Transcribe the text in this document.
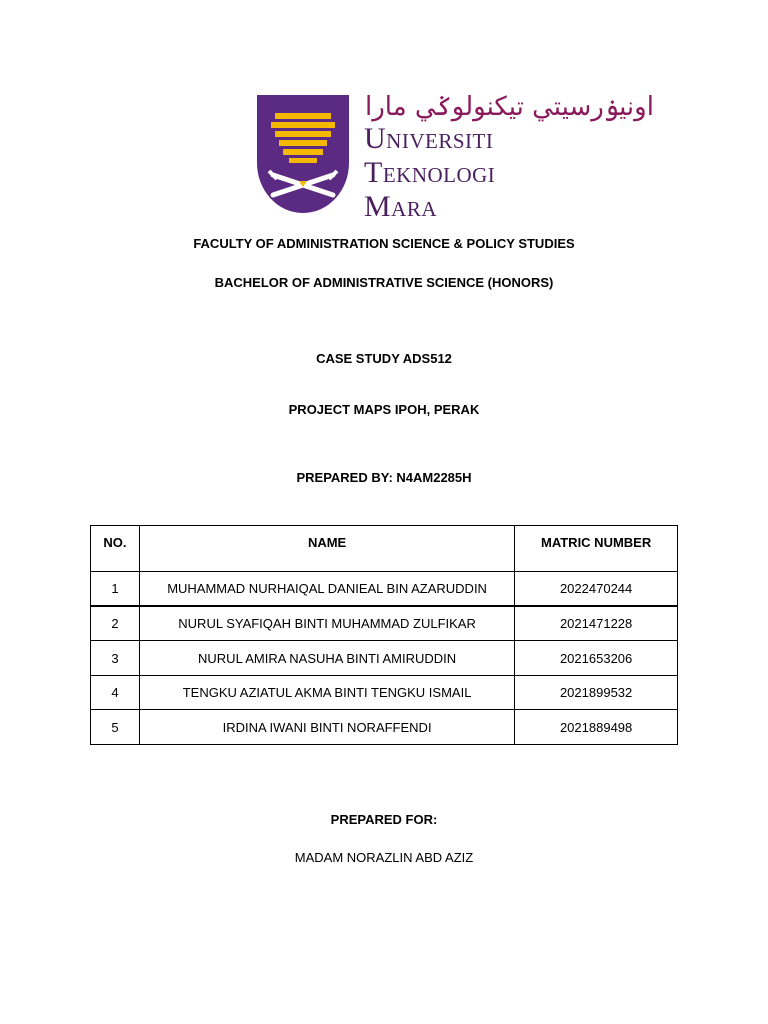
اونيۏرسيتي تيكنولوݢي مارا
Universiti
Teknologi
Mara
FACULTY OF ADMINISTRATION SCIENCE & POLICY STUDIES
BACHELOR OF ADMINISTRATIVE SCIENCE (HONORS)
CASE STUDY ADS512
PROJECT MAPS IPOH, PERAK
PREPARED BY: N4AM2285H
NO.	NAME	MATRIC NUMBER
1	MUHAMMAD NURHAIQAL DANIEAL BIN AZARUDDIN	2022470244
2	NURUL SYAFIQAH BINTI MUHAMMAD ZULFIKAR	2021471228
3	NURUL AMIRA NASUHA BINTI AMIRUDDIN	2021653206
4	TENGKU AZIATUL AKMA BINTI TENGKU ISMAIL	2021899532
5	IRDINA IWANI BINTI NORAFFENDI	2021889498
PREPARED FOR:
MADAM NORAZLIN ABD AZIZ
